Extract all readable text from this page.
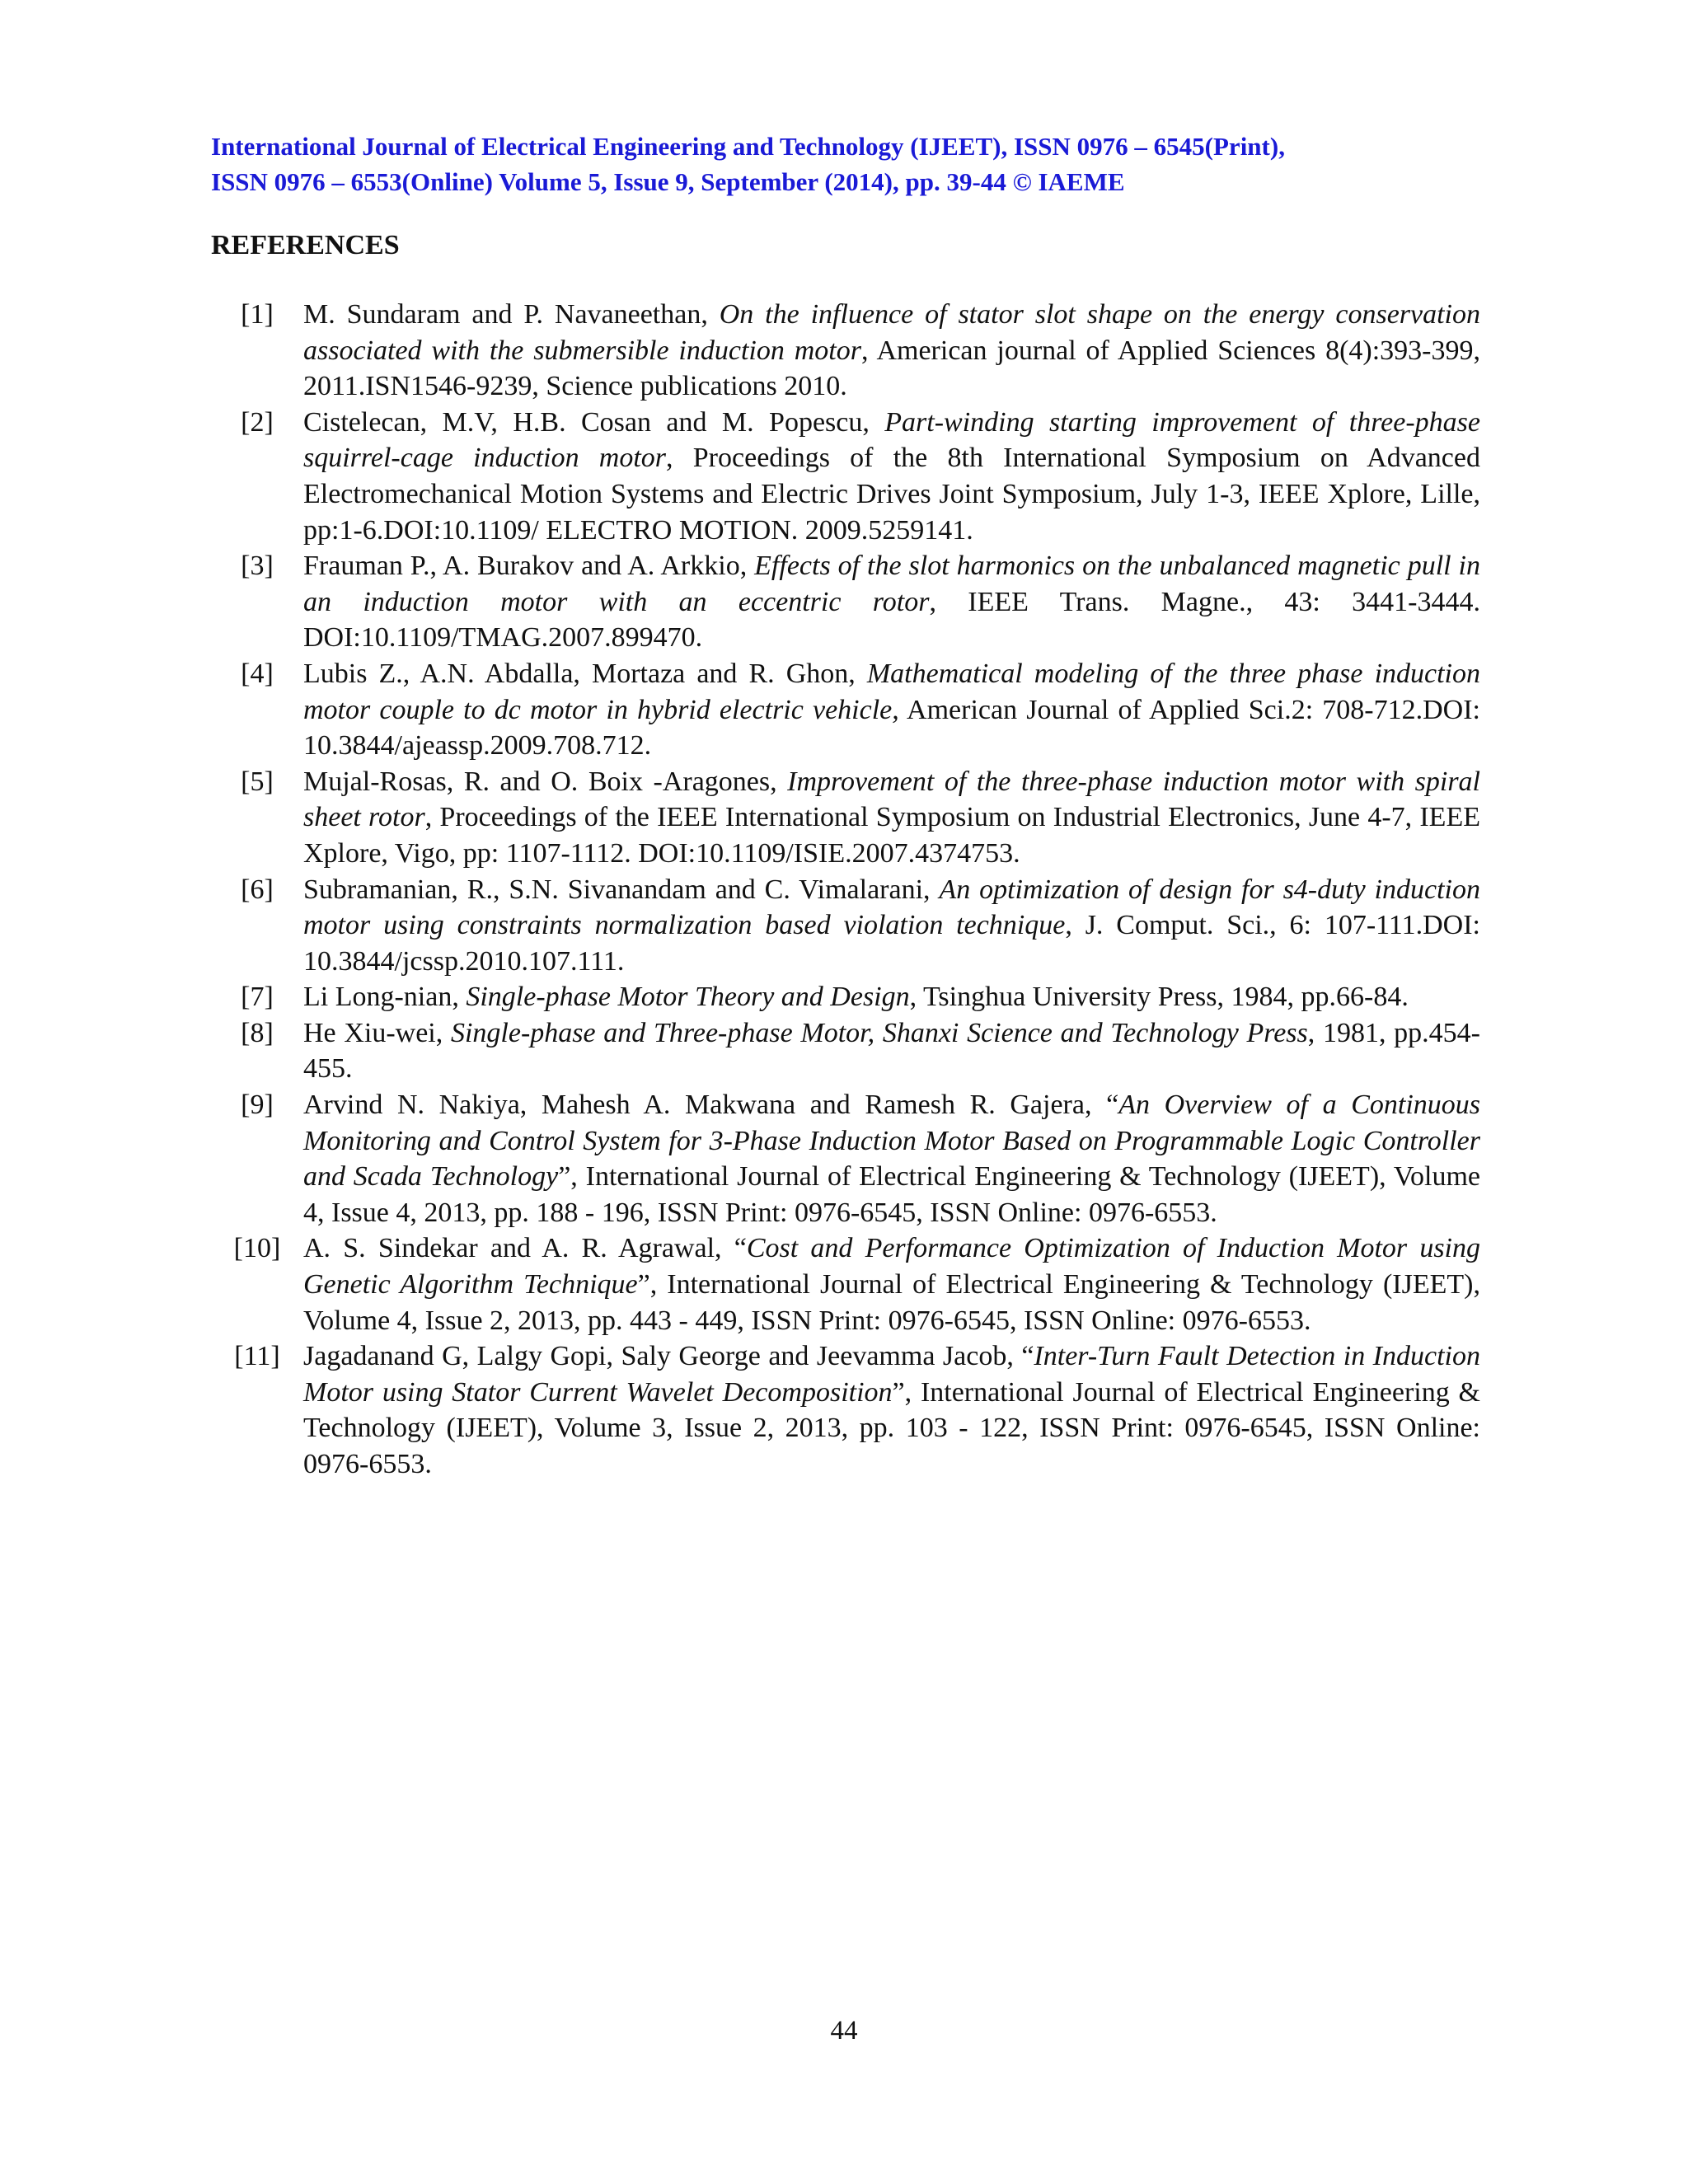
International Journal of Electrical Engineering and Technology (IJEET), ISSN 0976 – 6545(Print),
ISSN 0976 – 6553(Online) Volume 5, Issue 9, September (2014), pp. 39-44 © IAEME
REFERENCES
[1]	M. Sundaram and P. Navaneethan, On the influence of stator slot shape on the energy conservation associated with the submersible induction motor, American journal of Applied Sciences 8(4):393-399, 2011.ISN1546-9239, Science publications 2010.
[2]	Cistelecan, M.V, H.B. Cosan and M. Popescu, Part-winding starting improvement of three-phase squirrel-cage induction motor, Proceedings of the 8th International Symposium on Advanced Electromechanical Motion Systems and Electric Drives Joint Symposium, July 1-3, IEEE Xplore, Lille, pp:1-6.DOI:10.1109/ ELECTRO MOTION. 2009.5259141.
[3]	Frauman P., A. Burakov and A. Arkkio, Effects of the slot harmonics on the unbalanced magnetic pull in an induction motor with an eccentric rotor, IEEE Trans. Magne., 43: 3441-3444. DOI:10.1109/TMAG.2007.899470.
[4]	Lubis Z., A.N. Abdalla, Mortaza and R. Ghon, Mathematical modeling of the three phase induction motor couple to dc motor in hybrid electric vehicle, American Journal of Applied Sci.2: 708-712.DOI: 10.3844/ajeassp.2009.708.712.
[5]	Mujal-Rosas, R. and O. Boix -Aragones, Improvement of the three-phase induction motor with spiral sheet rotor, Proceedings of the IEEE International Symposium on Industrial Electronics, June 4-7, IEEE Xplore, Vigo, pp: 1107-1112. DOI:10.1109/ISIE.2007.4374753.
[6]	Subramanian, R., S.N. Sivanandam and C. Vimalarani, An optimization of design for s4-duty induction motor using constraints normalization based violation technique, J. Comput. Sci., 6: 107-111.DOI: 10.3844/jcssp.2010.107.111.
[7]	Li Long-nian, Single-phase Motor Theory and Design, Tsinghua University Press, 1984, pp.66-84.
[8]	He Xiu-wei, Single-phase and Three-phase Motor, Shanxi Science and Technology Press, 1981, pp.454-455.
[9]	Arvind N. Nakiya, Mahesh A. Makwana and Ramesh R. Gajera, “An Overview of a Continuous Monitoring and Control System for 3-Phase Induction Motor Based on Programmable Logic Controller and Scada Technology”, International Journal of Electrical Engineering & Technology (IJEET), Volume 4, Issue 4, 2013, pp. 188 - 196, ISSN Print: 0976-6545, ISSN Online: 0976-6553.
[10] A. S. Sindekar and A. R. Agrawal, “Cost and Performance Optimization of Induction Motor using Genetic Algorithm Technique”, International Journal of Electrical Engineering & Technology (IJEET), Volume 4, Issue 2, 2013, pp. 443 - 449, ISSN Print: 0976-6545, ISSN Online: 0976-6553.
[11] Jagadanand G, Lalgy Gopi, Saly George and Jeevamma Jacob, “Inter-Turn Fault Detection in Induction Motor using Stator Current Wavelet Decomposition”, International Journal of Electrical Engineering & Technology (IJEET), Volume 3, Issue 2, 2013, pp. 103 - 122, ISSN Print: 0976-6545, ISSN Online: 0976-6553.
44
